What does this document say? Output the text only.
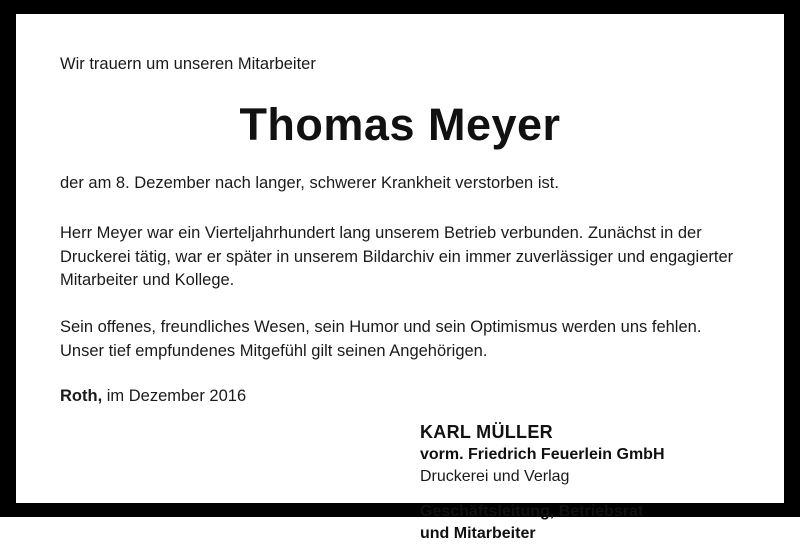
Wir trauern um unseren Mitarbeiter

Thomas Meyer

der am 8. Dezember nach langer, schwerer Krankheit verstorben ist.

Herr Meyer war ein Vierteljahrhundert lang unserem Betrieb verbunden. Zunächst in der Druckerei tätig, war er später in unserem Bildarchiv ein immer zuverlässiger und engagierter Mitarbeiter und Kollege.

Sein offenes, freundliches Wesen, sein Humor und sein Optimismus werden uns fehlen. Unser tief empfundenes Mitgefühl gilt seinen Angehörigen.

Roth, im Dezember 2016

KARL MÜLLER
vorm. Friedrich Feuerlein GmbH
Druckerei und Verlag
Geschäftsleitung, Betriebsrat
und Mitarbeiter
